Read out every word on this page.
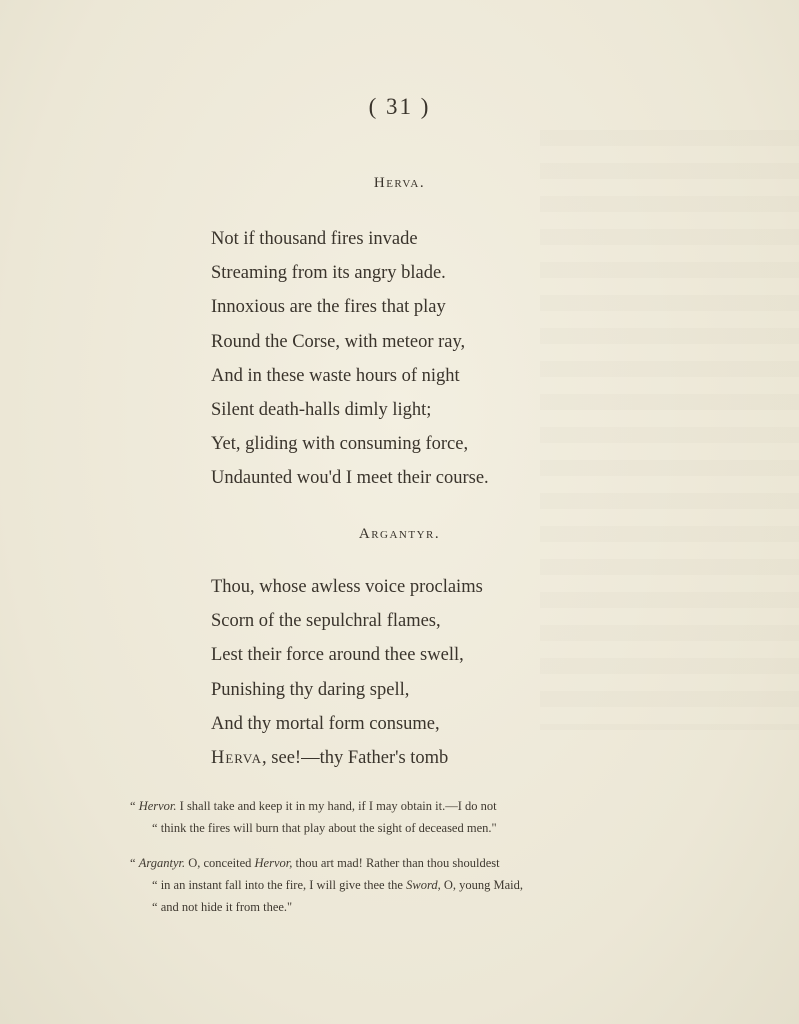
( 31 )
Herva.
Not if thousand fires invade
Streaming from its angry blade.
Innoxious are the fires that play
Round the Corse, with meteor ray,
And in these waste hours of night
Silent death-halls dimly light;
Yet, gliding with consuming force,
Undaunted wou'd I meet their course.
Argantyr.
Thou, whose awless voice proclaims
Scorn of the sepulchral flames,
Lest their force around thee swell,
Punishing thy daring spell,
And thy mortal form consume,
Herva, see!—thy Father's tomb
“ Hervor. I shall take and keep it in my hand, if I may obtain it.—I do not
“ think the fires will burn that play about the sight of deceased men."
“ Argantyr. O, conceited Hervor, thou art mad! Rather than thou shouldest
“ in an instant fall into the fire, I will give thee the Sword, O, young Maid,
“ and not hide it from thee."
